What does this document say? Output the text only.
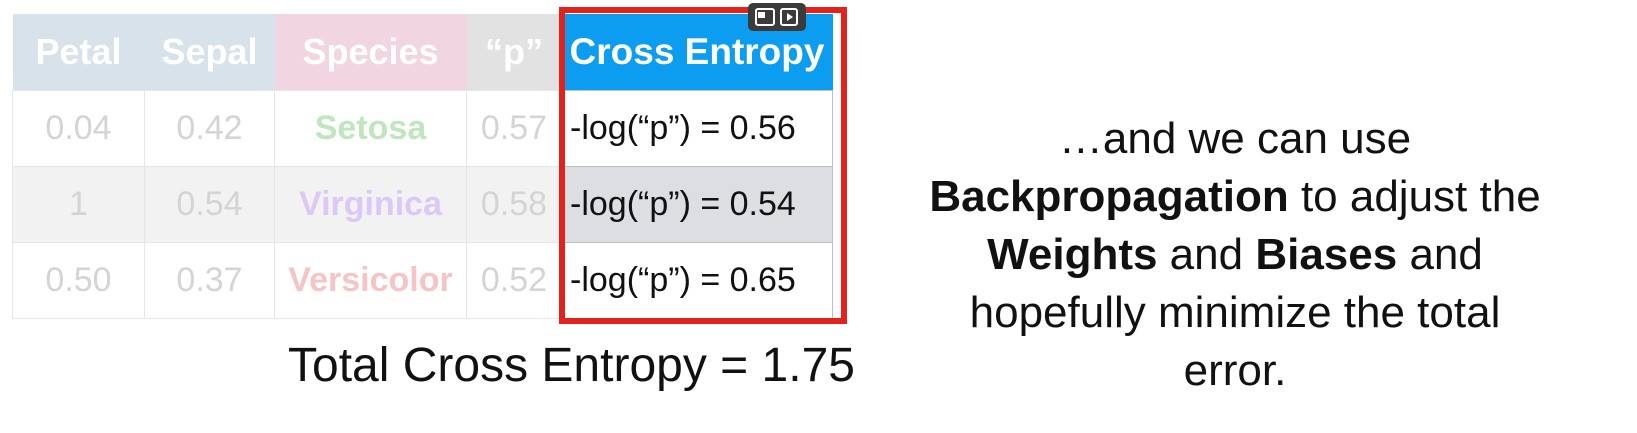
Petal	Sepal	Species	“p”	Cross Entropy
0.04	0.42	Setosa	0.57	-log(“p”) = 0.56
1	0.54	Virginica	0.58	-log(“p”) = 0.54
0.50	0.37	Versicolor	0.52	-log(“p”) = 0.65
Total Cross Entropy = 1.75
…and we can use
Backpropagation to adjust the Weights and Biases and hopefully minimize the total error.
